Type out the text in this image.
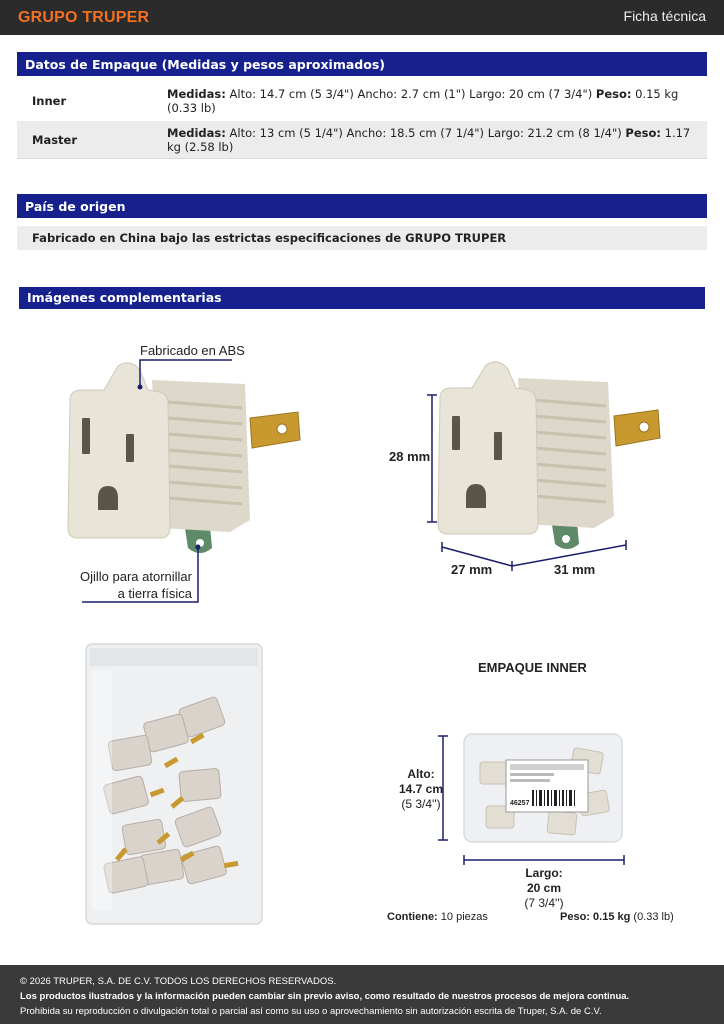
GRUPO TRUPER	Ficha técnica
Datos de Empaque (Medidas y pesos aproximados)
Inner	Medidas: Alto: 14.7 cm (5 3/4") Ancho: 2.7 cm (1") Largo: 20 cm (7 3/4") Peso: 0.15 kg (0.33 lb)
Master	Medidas: Alto: 13 cm (5 1/4") Ancho: 18.5 cm (7 1/4") Largo: 21.2 cm (8 1/4") Peso: 1.17 kg (2.58 lb)
País de origen
Fabricado en China bajo las estrictas especificaciones de GRUPO TRUPER
Imágenes complementarias
Fabricado en ABS
Ojillo para atornillar
a tierra física
28 mm
27 mm	31 mm
EMPAQUE INNER
46257
Alto:
14.7 cm
(5 3/4'')
Largo:
20 cm
(7 3/4'')
Contiene: 10 piezas	Peso: 0.15 kg (0.33 lb)
© 2026 TRUPER, S.A. DE C.V. TODOS LOS DERECHOS RESERVADOS.
Los productos ilustrados y la información pueden cambiar sin previo aviso, como resultado de nuestros procesos de mejora continua.
Prohibida su reproducción o divulgación total o parcial así como su uso o aprovechamiento sin autorización escrita de Truper, S.A. de C.V.
